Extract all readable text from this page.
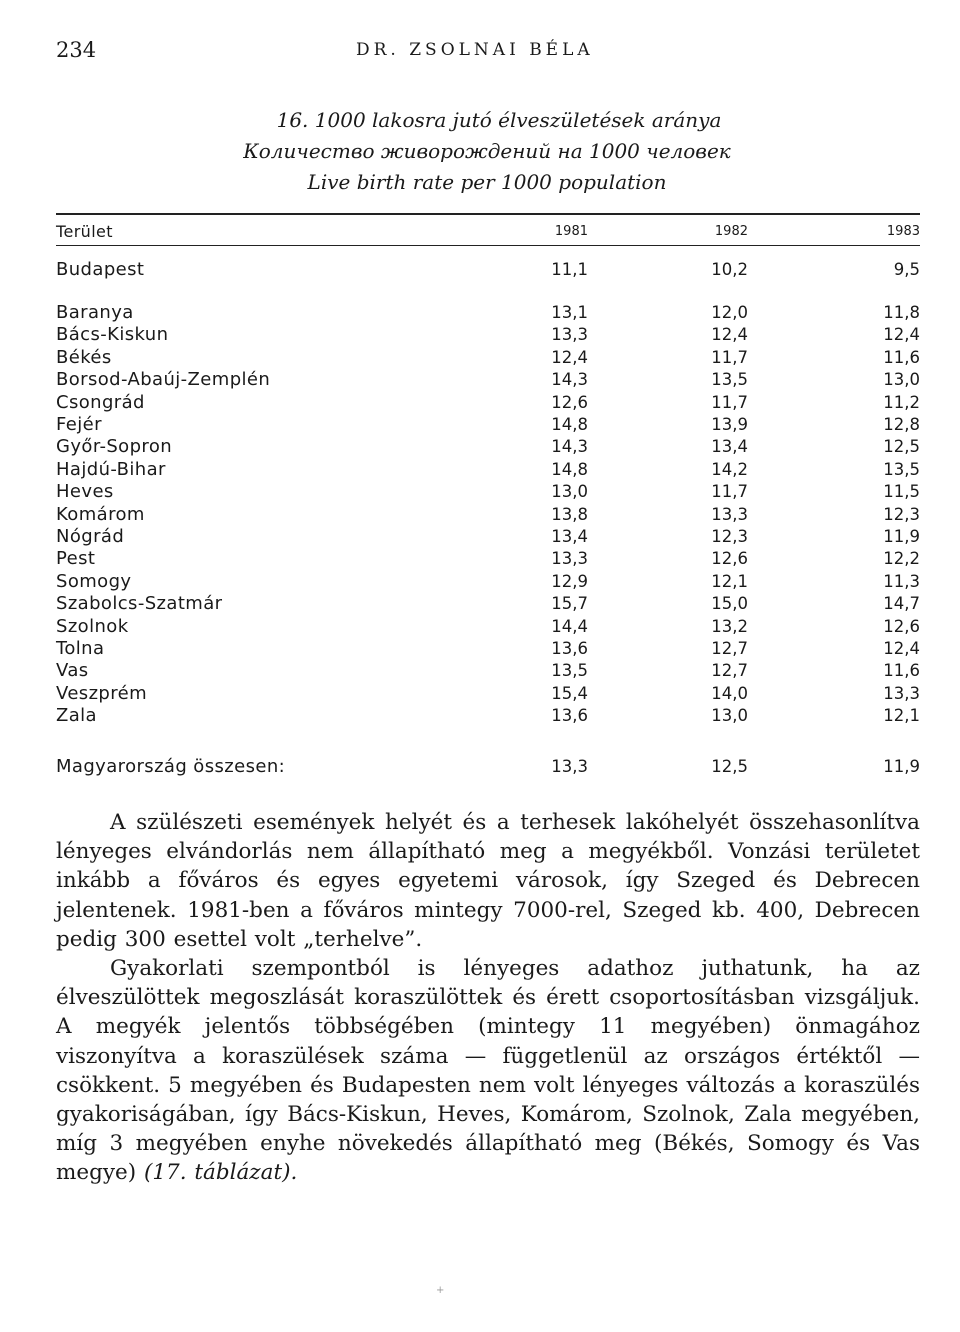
234	DR. ZSOLNAI BÉLA
16. 1000 lakosra jutó élveszületések aránya
Количество живорождений на 1000 человек
Live birth rate per 1000 population
Terület	1981	1982	1983
Budapest	11,1	10,2	9,5
Baranya	13,1	12,0	11,8
Bács-Kiskun	13,3	12,4	12,4
Békés	12,4	11,7	11,6
Borsod-Abaúj-Zemplén	14,3	13,5	13,0
Csongrád	12,6	11,7	11,2
Fejér	14,8	13,9	12,8
Győr-Sopron	14,3	13,4	12,5
Hajdú-Bihar	14,8	14,2	13,5
Heves	13,0	11,7	11,5
Komárom	13,8	13,3	12,3
Nógrád	13,4	12,3	11,9
Pest	13,3	12,6	12,2
Somogy	12,9	12,1	11,3
Szabolcs-Szatmár	15,7	15,0	14,7
Szolnok	14,4	13,2	12,6
Tolna	13,6	12,7	12,4
Vas	13,5	12,7	11,6
Veszprém	15,4	14,0	13,3
Zala	13,6	13,0	12,1
Magyarország összesen:	13,3	12,5	11,9

A szülészeti események helyét és a terhesek lakóhelyét összehasonlítva lényeges elvándorlás nem állapítható meg a megyékből. Vonzási területet inkább a főváros és egyes egyetemi városok, így Szeged és Debrecen jelentenek. 1981-ben a főváros mintegy 7000-rel, Szeged kb. 400, Debrecen pedig 300 esettel volt „terhelve”.

Gyakorlati szempontból is lényeges adathoz juthatunk, ha az élveszülöttek megoszlását koraszülöttek és érett csoportosításban vizsgáljuk. A megyék jelentős többségében (mintegy 11 megyében) önmagához viszonyítva a koraszülések száma — függetlenül az országos értéktől — csökkent. 5 megyében és Budapesten nem volt lényeges változás a koraszülés gyakoriságában, így Bács-Kiskun, Heves, Komárom, Szolnok, Zala megyében, míg 3 megyében enyhe növekedés állapítható meg (Békés, Somogy és Vas megye) (17. táblázat).

+
